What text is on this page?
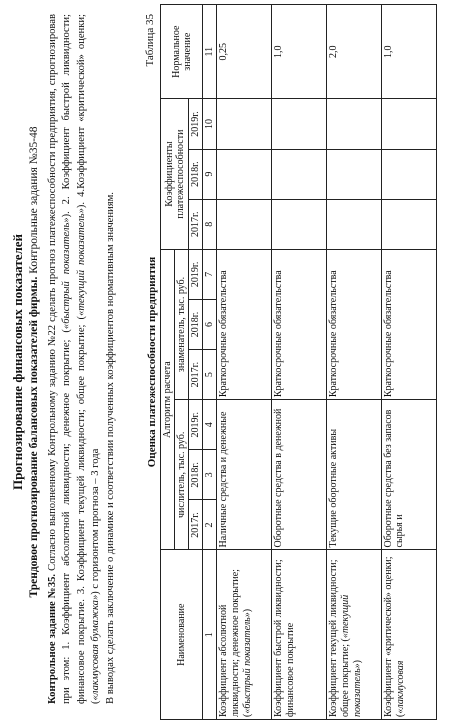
Прогнозирование финансовых показателей Трендовое прогнозирование балансовых показателей фирмы. Контрольные задания №35-48
Контрольное задание №35. Согласно выполненному Контрольному заданию №22 сделать прогноз платежеспособности предприятия, спрогнозировав при этом: 1. Коэффициент абсолютной ликвидности; денежное покрытие; («быстрый показатель»). 2. Коэффициент быстрой ликвидности; финансовое покрытие. 3. Коэффициент текущей ликвидности; общее покрытие; («текущий показатель»). 4.Коэффициент «критической» оценки; («лакмусовая бумажка») с горизонтом прогноза – 3 года В выводах сделать заключение о динамике и соответствии полученных коэффициентов нормативным значениям.
Таблица 35
Оценка платежеспособности предприятия
Наименование	Алгоритм расчета						Коэффициенты платежеспособности			Нормальное значение
	числитель, тыс. руб.			знаменатель, тыс. руб.						
	2017г.	2018г.	2019г.	2017г.	2018г.	2019г.	2017г.	2018г.	2019г.	
1	2	3	4	5	6	7	8	9	10	11
Коэффициент абсолютной ликвидности; денежное покрытие; («быстрый показатель»)	Наличные средства и денежные			Краткосрочные обязательства						0,25
Коэффициент быстрой ликвидности; финансовое покрытие	Оборотные средства в денежной			Краткосрочные обязательства						1,0
Коэффициент текущей ликвидности; общее покрытие; («текущий показатель»)	Текущие оборотные активы			Краткосрочные обязательства						2,0
Коэффициент «критической» оценки; («лакмусовая	Оборотные средства без запасов сырья и			Краткосрочные обязательства						1,0
